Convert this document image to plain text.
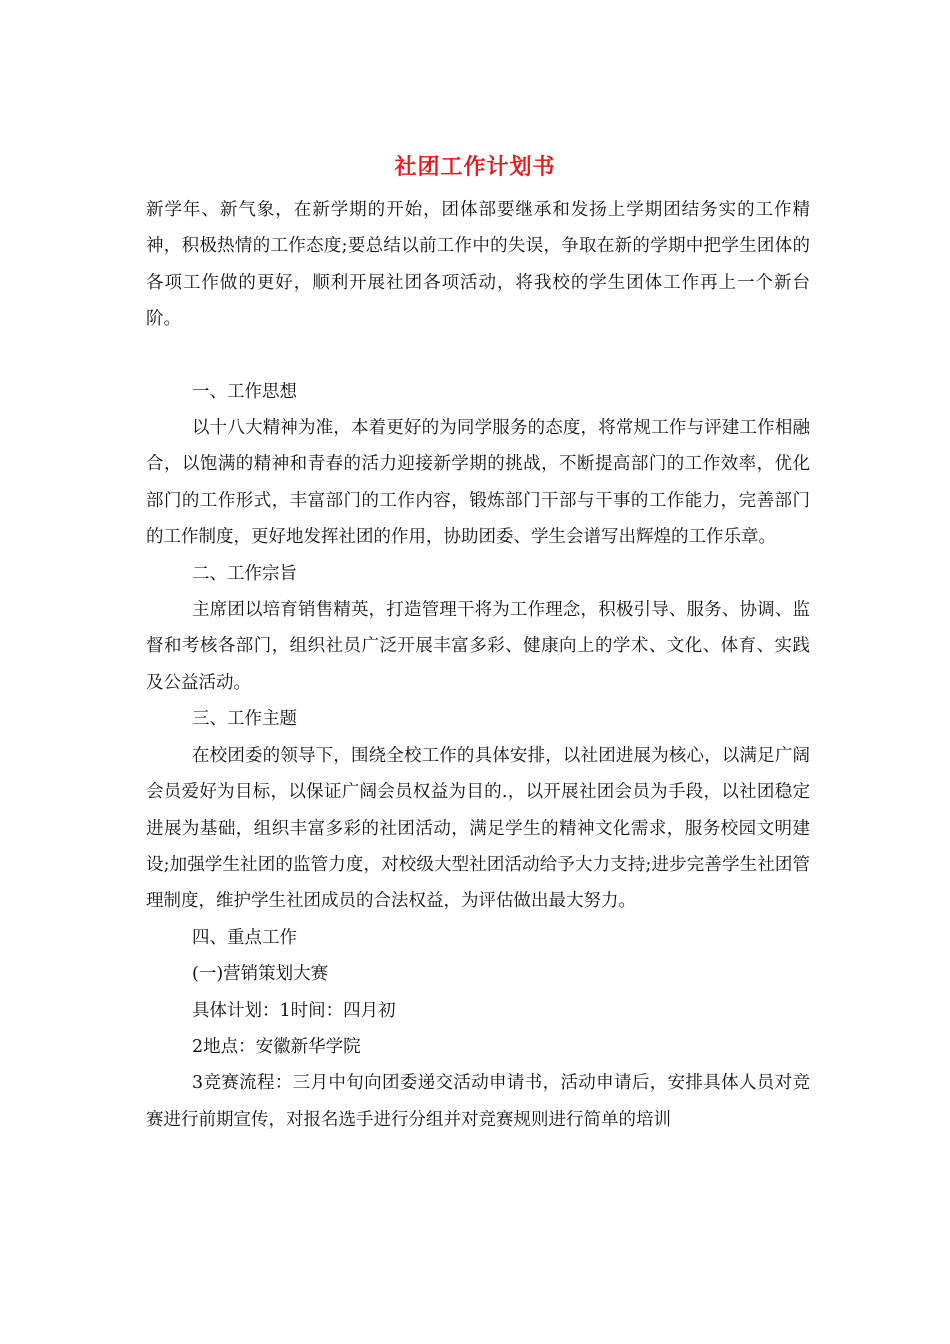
社团工作计划书

新学年、新气象，在新学期的开始，团体部要继承和发扬上学期团结务实的工作精神，积极热情的工作态度;要总结以前工作中的失误，争取在新的学期中把学生团体的各项工作做的更好，顺利开展社团各项活动，将我校的学生团体工作再上一个新台阶。

一、工作思想

以十八大精神为准，本着更好的为同学服务的态度，将常规工作与评建工作相融合，以饱满的精神和青春的活力迎接新学期的挑战，不断提高部门的工作效率，优化部门的工作形式，丰富部门的工作内容，锻炼部门干部与干事的工作能力，完善部门的工作制度，更好地发挥社团的作用，协助团委、学生会谱写出辉煌的工作乐章。

二、工作宗旨

主席团以培育销售精英，打造管理干将为工作理念，积极引导、服务、协调、监督和考核各部门，组织社员广泛开展丰富多彩、健康向上的学术、文化、体育、实践及公益活动。

三、工作主题

在校团委的领导下，围绕全校工作的具体安排，以社团进展为核心，以满足广阔会员爱好为目标，以保证广阔会员权益为目的.，以开展社团会员为手段，以社团稳定进展为基础，组织丰富多彩的社团活动，满足学生的精神文化需求，服务校园文明建设;加强学生社团的监管力度，对校级大型社团活动给予大力支持;进步完善学生社团管理制度，维护学生社团成员的合法权益，为评估做出最大努力。

四、重点工作

(一)营销策划大赛

具体计划：1时间：四月初

2地点：安徽新华学院

3竞赛流程：三月中旬向团委递交活动申请书，活动申请后，安排具体人员对竞赛进行前期宣传，对报名选手进行分组并对竞赛规则进行简单的培训
